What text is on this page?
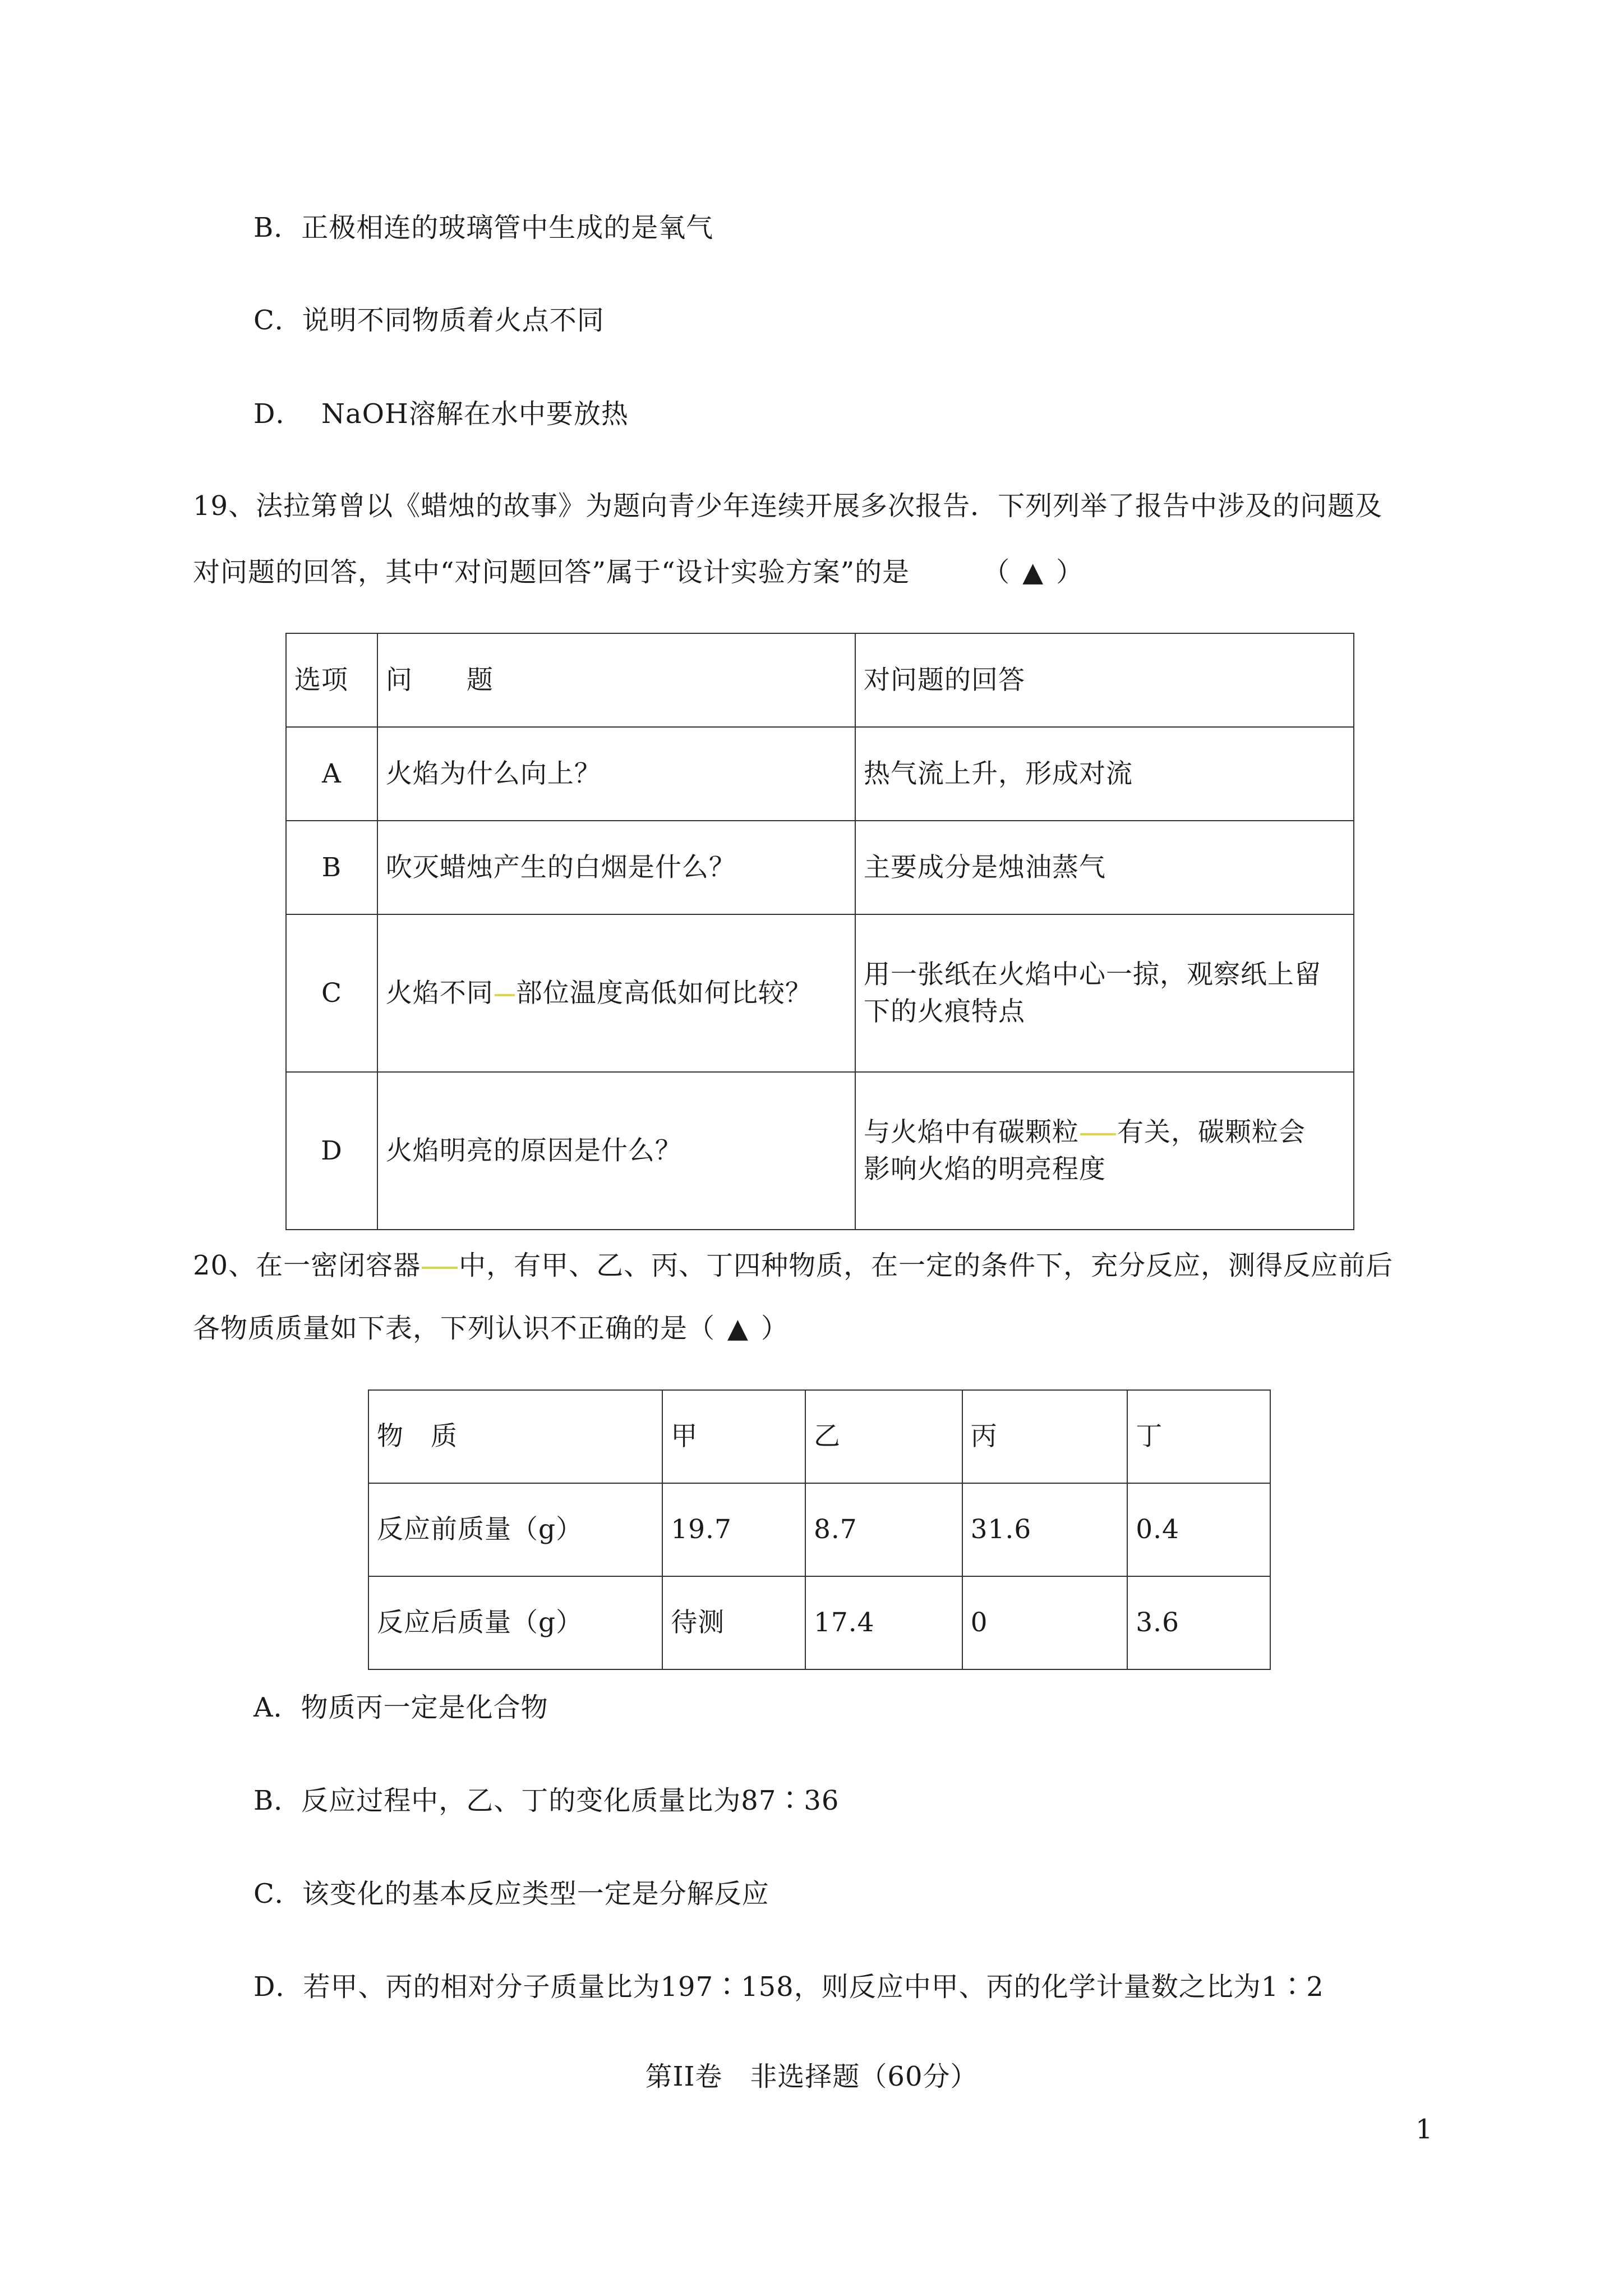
B．正极相连的玻璃管中生成的是氧气
C．说明不同物质着火点不同
D．  NaOH溶解在水中要放热
19、法拉第曾以《蜡烛的故事》为题向青少年连续开展多次报告．下列列举了报告中涉及的问题及
对问题的回答，其中“对问题回答”属于“设计实验方案”的是	（ ▲ ）
选项	问　　题	对问题的回答
A	火焰为什么向上？	热气流上升，形成对流
B	吹灭蜡烛产生的白烟是什么？	主要成分是烛油蒸气
C	火焰不同 部位温度高低如何比较？	用一张纸在火焰中心一掠，观察纸上留
下的火痕特点

D	火焰明亮的原因是什么？	与火焰中有碳颗粒 有关，碳颗粒会
影响火焰的明亮程度
20、在一密闭容器 中，有甲、乙、丙、丁四种物质，在一定的条件下，充分反应，测得反应前后
各物质质量如下表，下列认识不正确的是（ ▲ ）
物　质	甲	乙	丙	丁
反应前质量（g）	19.7	8.7	31.6	0.4
反应后质量（g）	待测	17.4	0	3.6
A．物质丙一定是化合物
B．反应过程中，乙、丁的变化质量比为87∶36
C．该变化的基本反应类型一定是分解反应
D．若甲、丙的相对分子质量比为197∶158，则反应中甲、丙的化学计量数之比为1∶2
第II卷　非选择题（60分）
1
